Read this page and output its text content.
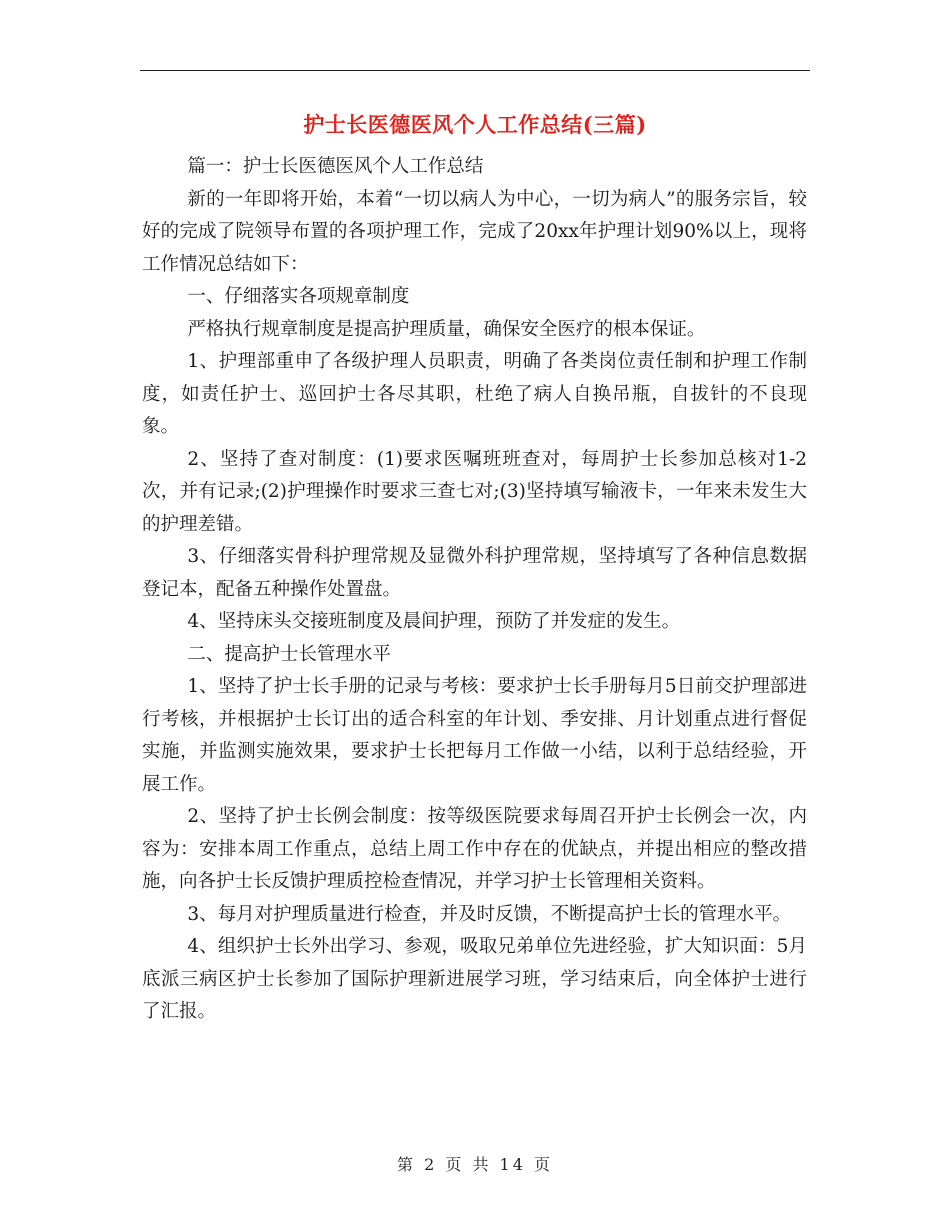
护士长医德医风个人工作总结(三篇)

篇一：护士长医德医风个人工作总结

新的一年即将开始，本着“一切以病人为中心，一切为病人”的服务宗旨，较好的完成了院领导布置的各项护理工作，完成了20xx年护理计划90%以上，现将工作情况总结如下：

一、仔细落实各项规章制度

严格执行规章制度是提高护理质量，确保安全医疗的根本保证。

1、护理部重申了各级护理人员职责，明确了各类岗位责任制和护理工作制度，如责任护士、巡回护士各尽其职，杜绝了病人自换吊瓶，自拔针的不良现象。

2、坚持了查对制度：(1)要求医嘱班班查对，每周护士长参加总核对1-2次，并有记录;(2)护理操作时要求三查七对;(3)坚持填写输液卡，一年来未发生大的护理差错。

3、仔细落实骨科护理常规及显微外科护理常规，坚持填写了各种信息数据登记本，配备五种操作处置盘。

4、坚持床头交接班制度及晨间护理，预防了并发症的发生。

二、提高护士长管理水平

1、坚持了护士长手册的记录与考核：要求护士长手册每月5日前交护理部进行考核，并根据护士长订出的适合科室的年计划、季安排、月计划重点进行督促实施，并监测实施效果，要求护士长把每月工作做一小结，以利于总结经验，开展工作。

2、坚持了护士长例会制度：按等级医院要求每周召开护士长例会一次，内容为：安排本周工作重点，总结上周工作中存在的优缺点，并提出相应的整改措施，向各护士长反馈护理质控检查情况，并学习护士长管理相关资料。

3、每月对护理质量进行检查，并及时反馈，不断提高护士长的管理水平。

4、组织护士长外出学习、参观，吸取兄弟单位先进经验，扩大知识面：5月底派三病区护士长参加了国际护理新进展学习班，学习结束后，向全体护士进行了汇报。

第 2 页 共 14 页
